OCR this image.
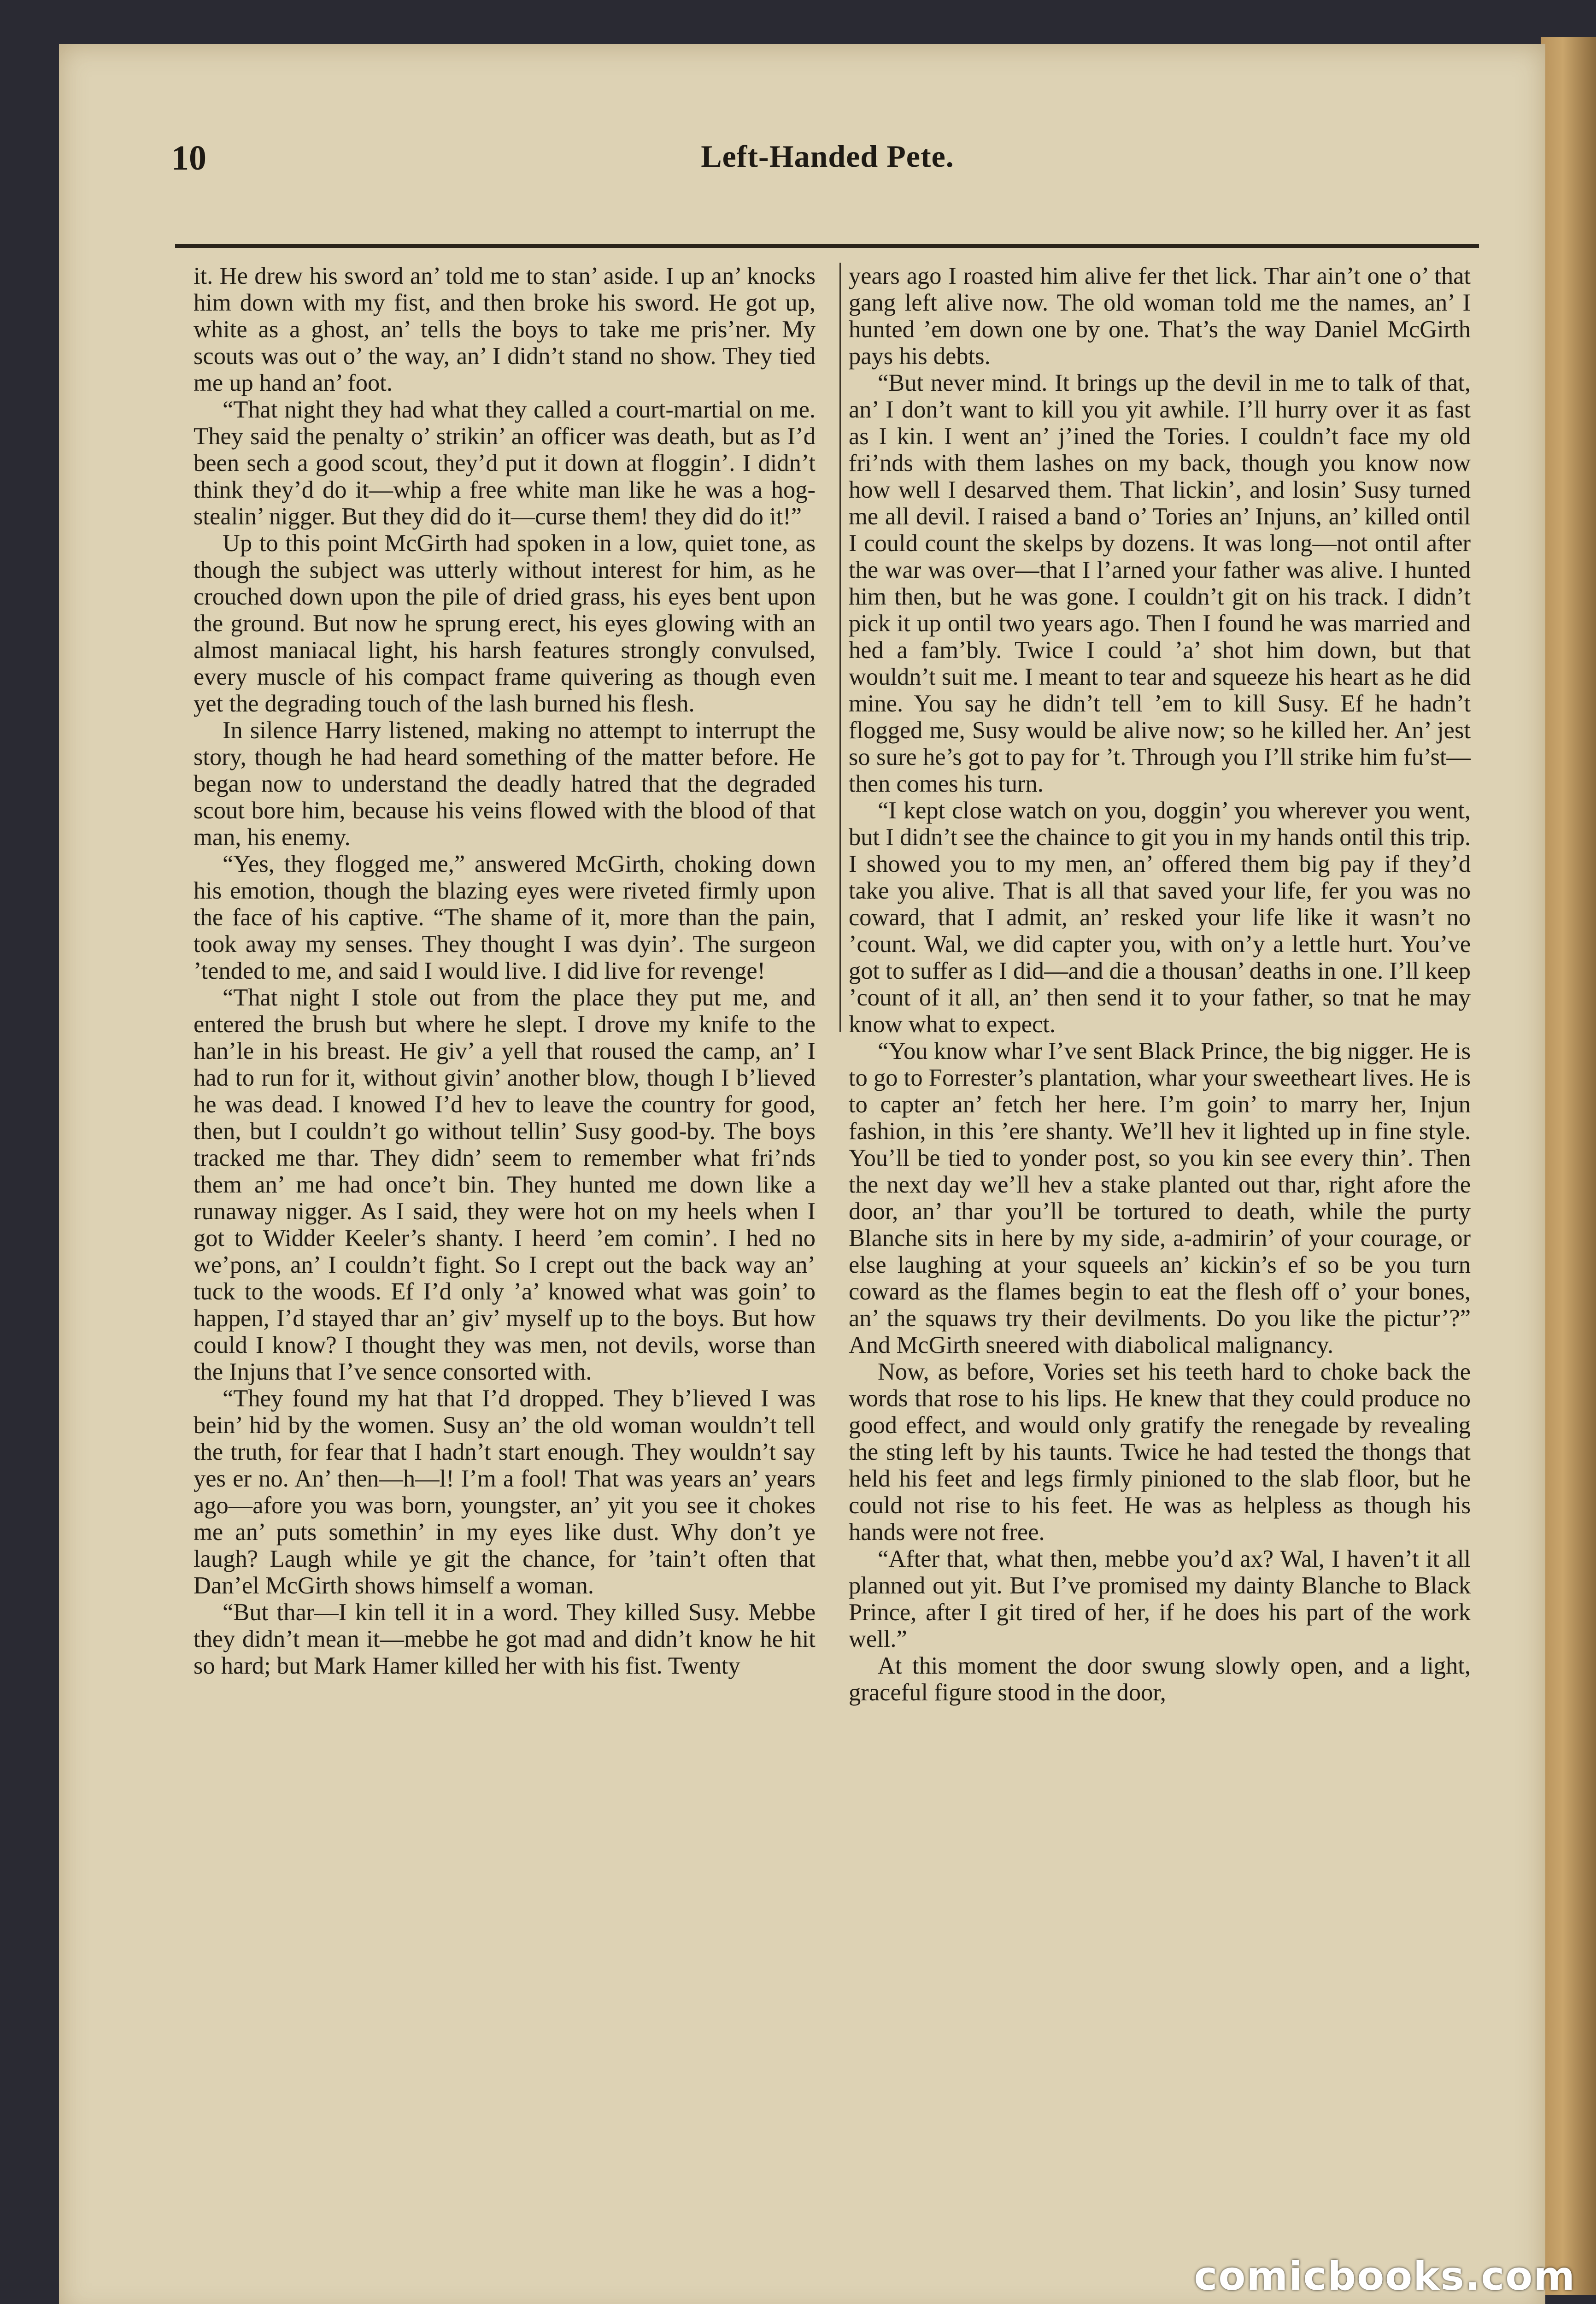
10	Left-Handed Pete.

it. He drew his sword an’ told me to stan’ aside. I up an’ knocks him down with my fist, and then broke his sword. He got up, white as a ghost, an’ tells the boys to take me pris’ner. My scouts was out o’ the way, an’ I didn’t stand no show. They tied me up hand an’ foot.

“That night they had what they called a court-martial on me. They said the penalty o’ strikin’ an officer was death, but as I’d been sech a good scout, they’d put it down at floggin’. I didn’t think they’d do it—whip a free white man like he was a hog-stealin’ nigger. But they did do it—curse them! they did do it!”

Up to this point McGirth had spoken in a low, quiet tone, as though the subject was utterly without interest for him, as he crouched down upon the pile of dried grass, his eyes bent upon the ground. But now he sprung erect, his eyes glowing with an almost maniacal light, his harsh features strongly convulsed, every muscle of his compact frame quivering as though even yet the degrading touch of the lash burned his flesh.

In silence Harry listened, making no attempt to interrupt the story, though he had heard something of the matter before. He began now to understand the deadly hatred that the degraded scout bore him, because his veins flowed with the blood of that man, his enemy.

“Yes, they flogged me,” answered McGirth, choking down his emotion, though the blazing eyes were riveted firmly upon the face of his captive. “The shame of it, more than the pain, took away my senses. They thought I was dyin’. The surgeon ’tended to me, and said I would live. I did live for revenge!

“That night I stole out from the place they put me, and entered the brush but where he slept. I drove my knife to the han’le in his breast. He giv’ a yell that roused the camp, an’ I had to run for it, without givin’ another blow, though I b’lieved he was dead. I knowed I’d hev to leave the country for good, then, but I couldn’t go without tellin’ Susy good-by. The boys tracked me thar. They didn’ seem to remember what fri’nds them an’ me had once’t bin. They hunted me down like a runaway nigger. As I said, they were hot on my heels when I got to Widder Keeler’s shanty. I heerd ’em comin’. I hed no we’pons, an’ I couldn’t fight. So I crept out the back way an’ tuck to the woods. Ef I’d only ’a’ knowed what was goin’ to happen, I’d stayed thar an’ giv’ myself up to the boys. But how could I know? I thought they was men, not devils, worse than the Injuns that I’ve sence consorted with.

“They found my hat that I’d dropped. They b’lieved I was bein’ hid by the women. Susy an’ the old woman wouldn’t tell the truth, for fear that I hadn’t start enough. They wouldn’t say yes er no. An’ then—h—l! I’m a fool! That was years an’ years ago—afore you was born, youngster, an’ yit you see it chokes me an’ puts somethin’ in my eyes like dust. Why don’t ye laugh? Laugh while ye git the chance, for ’tain’t often that Dan’el McGirth shows himself a woman.

“But thar—I kin tell it in a word. They killed Susy. Mebbe they didn’t mean it—mebbe he got mad and didn’t know he hit so hard; but Mark Hamer killed her with his fist. Twenty

years ago I roasted him alive fer thet lick. Thar ain’t one o’ that gang left alive now. The old woman told me the names, an’ I hunted ’em down one by one. That’s the way Daniel McGirth pays his debts.

“But never mind. It brings up the devil in me to talk of that, an’ I don’t want to kill you yit awhile. I’ll hurry over it as fast as I kin. I went an’ j’ined the Tories. I couldn’t face my old fri’nds with them lashes on my back, though you know now how well I desarved them. That lickin’, and losin’ Susy turned me all devil. I raised a band o’ Tories an’ Injuns, an’ killed ontil I could count the skelps by dozens. It was long—not ontil after the war was over—that I l’arned your father was alive. I hunted him then, but he was gone. I couldn’t git on his track. I didn’t pick it up ontil two years ago. Then I found he was married and hed a fam’bly. Twice I could ’a’ shot him down, but that wouldn’t suit me. I meant to tear and squeeze his heart as he did mine. You say he didn’t tell ’em to kill Susy. Ef he hadn’t flogged me, Susy would be alive now; so he killed her. An’ jest so sure he’s got to pay for ’t. Through you I’ll strike him fu’st—then comes his turn.

“I kept close watch on you, doggin’ you wherever you went, but I didn’t see the chaince to git you in my hands ontil this trip. I showed you to my men, an’ offered them big pay if they’d take you alive. That is all that saved your life, fer you was no coward, that I admit, an’ resked your life like it wasn’t no ’count. Wal, we did capter you, with on’y a lettle hurt. You’ve got to suffer as I did—and die a thousan’ deaths in one. I’ll keep ’count of it all, an’ then send it to your father, so tnat he may know what to expect.

“You know whar I’ve sent Black Prince, the big nigger. He is to go to Forrester’s plantation, whar your sweetheart lives. He is to capter an’ fetch her here. I’m goin’ to marry her, Injun fashion, in this ’ere shanty. We’ll hev it lighted up in fine style. You’ll be tied to yonder post, so you kin see every thin’. Then the next day we’ll hev a stake planted out thar, right afore the door, an’ thar you’ll be tortured to death, while the purty Blanche sits in here by my side, a-admirin’ of your courage, or else laughing at your squeels an’ kickin’s ef so be you turn coward as the flames begin to eat the flesh off o’ your bones, an’ the squaws try their devilments. Do you like the pictur’?” And McGirth sneered with diabolical malignancy.

Now, as before, Vories set his teeth hard to choke back the words that rose to his lips. He knew that they could produce no good effect, and would only gratify the renegade by revealing the sting left by his taunts. Twice he had tested the thongs that held his feet and legs firmly pinioned to the slab floor, but he could not rise to his feet. He was as helpless as though his hands were not free.

“After that, what then, mebbe you’d ax? Wal, I haven’t it all planned out yit. But I’ve promised my dainty Blanche to Black Prince, after I git tired of her, if he does his part of the work well.”

At this moment the door swung slowly open, and a light, graceful figure stood in the door,

comicbooks.com
